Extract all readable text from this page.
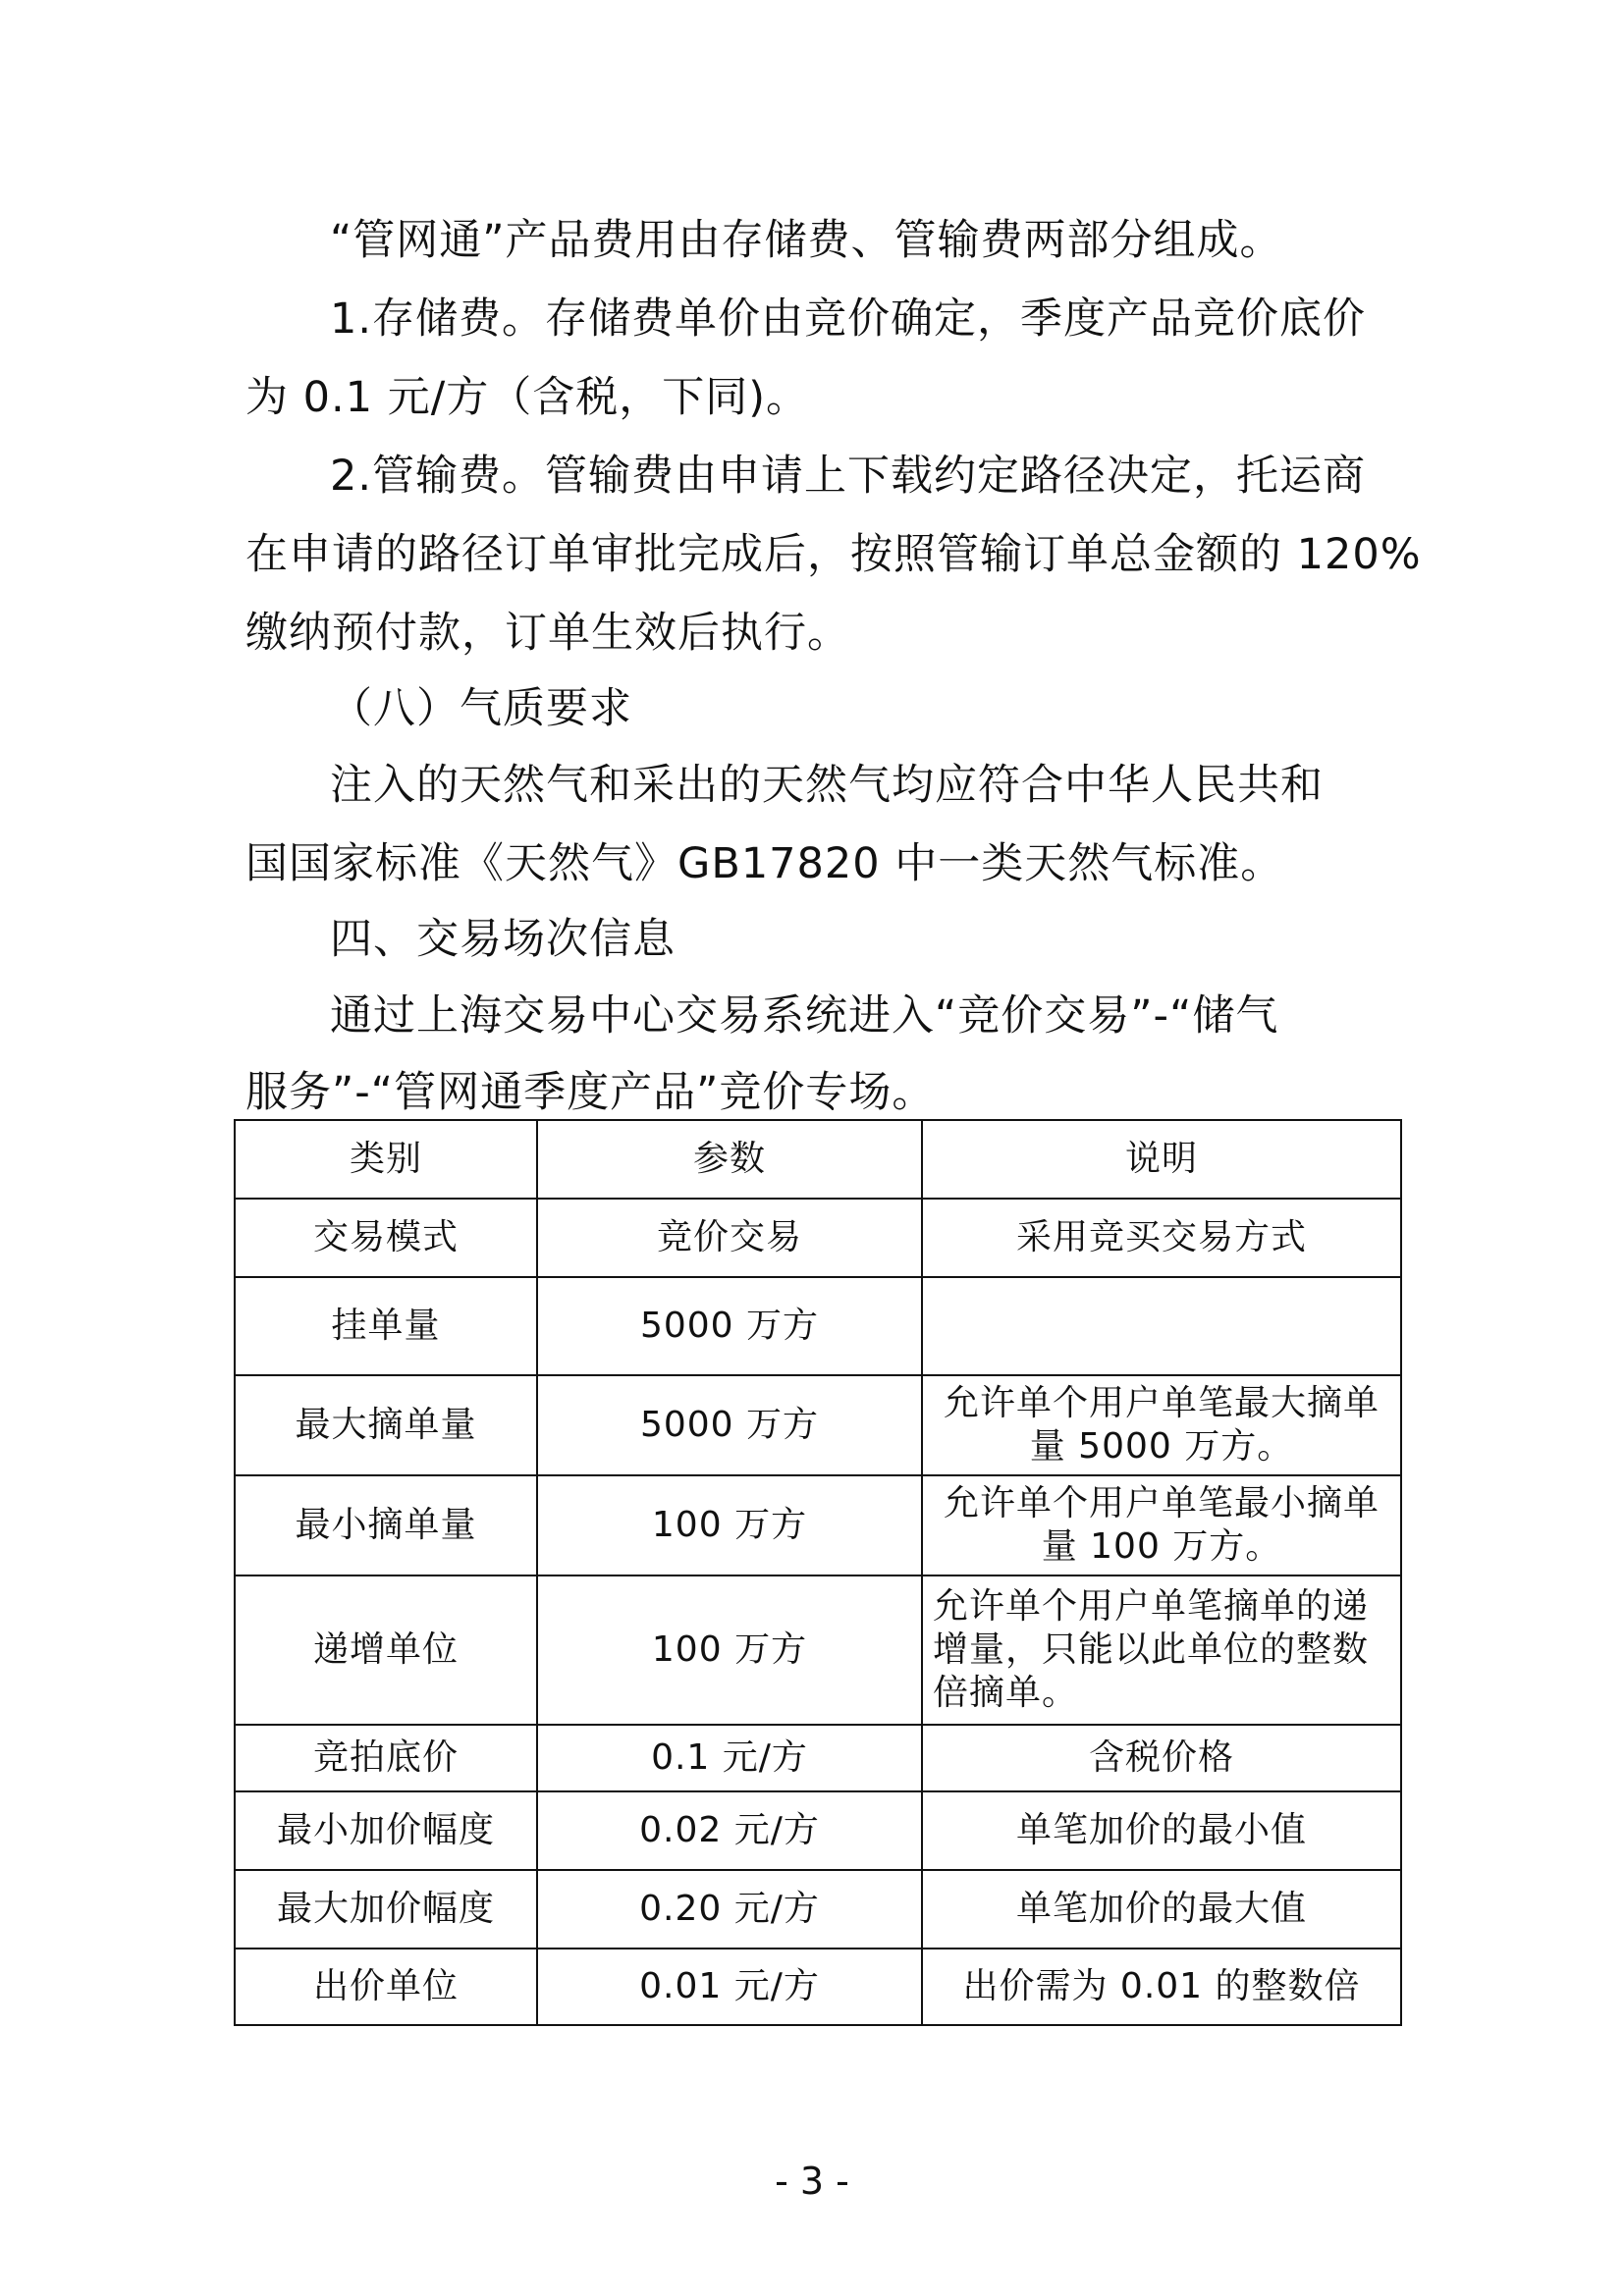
“管网通”产品费用由存储费、管输费两部分组成。
1.存储费。存储费单价由竞价确定，季度产品竞价底价
为 0.1 元/方（含税，下同)。
2.管输费。管输费由申请上下载约定路径决定，托运商
在申请的路径订单审批完成后，按照管输订单总金额的 120%
缴纳预付款，订单生效后执行。
（八）气质要求
注入的天然气和采出的天然气均应符合中华人民共和
国国家标准《天然气》GB17820 中一类天然气标准。
四、交易场次信息
通过上海交易中心交易系统进入“竞价交易”-“储气
服务”-“管网通季度产品”竞价专场。
类别	参数	说明
交易模式	竞价交易	采用竞买交易方式
挂单量	5000 万方	
最大摘单量	5000 万方	允许单个用户单笔最大摘单量 5000 万方。
最小摘单量	100 万方	允许单个用户单笔最小摘单量 100 万方。
递增单位	100 万方	允许单个用户单笔摘单的递增量，只能以此单位的整数倍摘单。
竞拍底价	0.1 元/方	含税价格
最小加价幅度	0.02 元/方	单笔加价的最小值
最大加价幅度	0.20 元/方	单笔加价的最大值
出价单位	0.01 元/方	出价需为 0.01 的整数倍
- 3 -
